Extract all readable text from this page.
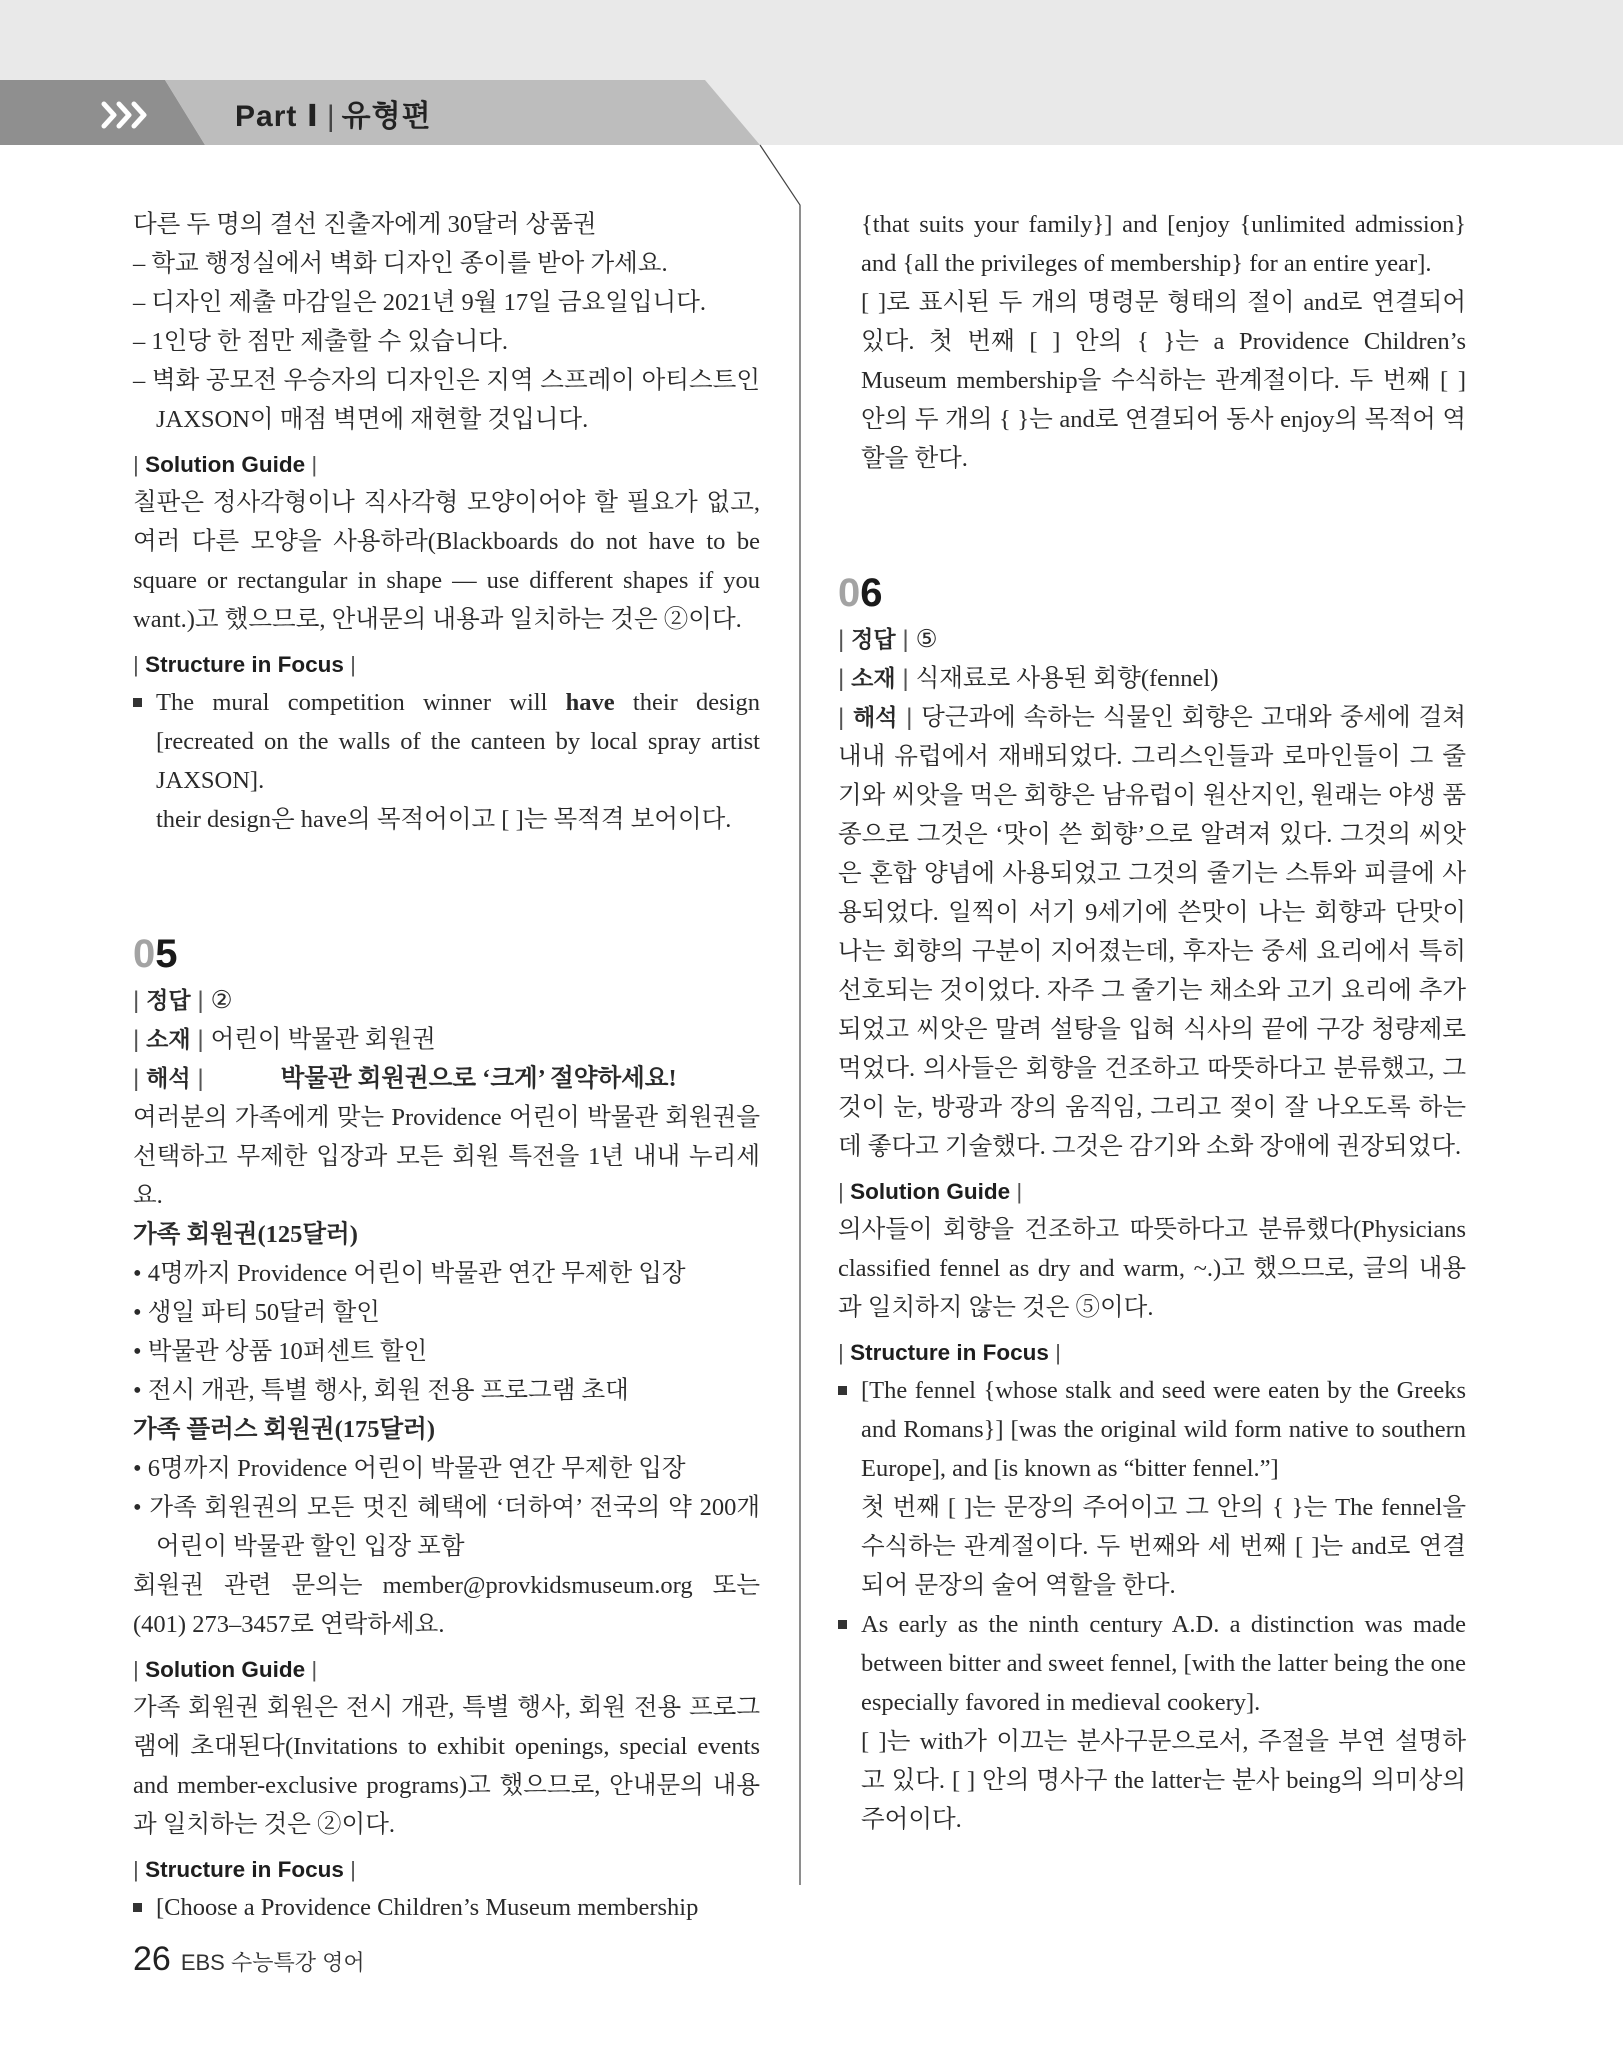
Part Ⅰ | 유형편

다른 두 명의 결선 진출자에게 30달러 상품권

– 학교 행정실에서 벽화 디자인 종이를 받아 가세요.

– 디자인 제출 마감일은 2021년 9월 17일 금요일입니다.

– 1인당 한 점만 제출할 수 있습니다.

– 벽화 공모전 우승자의 디자인은 지역 스프레이 아티스트인 JAXSON이 매점 벽면에 재현할 것입니다.

| Solution Guide |

칠판은 정사각형이나 직사각형 모양이어야 할 필요가 없고, 여러 다른 모양을 사용하라(Blackboards do not have to be square or rectangular in shape — use different shapes if you want.)고 했으므로, 안내문의 내용과 일치하는 것은 ②이다.

| Structure in Focus |

The mural competition winner will have their design [recreated on the walls of the canteen by local spray artist JAXSON].

their design은 have의 목적어이고 [ ]는 목적격 보어이다.

05

| 정답 | ②

| 소재 | 어린이 박물관 회원권

| 해석 |	박물관 회원권으로 ‘크게’ 절약하세요!

여러분의 가족에게 맞는 Providence 어린이 박물관 회원권을 선택하고 무제한 입장과 모든 회원 특전을 1년 내내 누리세요.

가족 회원권(125달러)

• 4명까지 Providence 어린이 박물관 연간 무제한 입장

• 생일 파티 50달러 할인

• 박물관 상품 10퍼센트 할인

• 전시 개관, 특별 행사, 회원 전용 프로그램 초대

가족 플러스 회원권(175달러)

• 6명까지 Providence 어린이 박물관 연간 무제한 입장

• 가족 회원권의 모든 멋진 혜택에 ‘더하여’ 전국의 약 200개 어린이 박물관 할인 입장 포함

회원권 관련 문의는 member@provkidsmuseum.org 또는 (401) 273–3457로 연락하세요.

| Solution Guide |

가족 회원권 회원은 전시 개관, 특별 행사, 회원 전용 프로그램에 초대된다(Invitations to exhibit openings, special events and member-exclusive programs)고 했으므로, 안내문의 내용과 일치하는 것은 ②이다.

| Structure in Focus |

[Choose a Providence Children’s Museum membership

{that suits your family}] and [enjoy {unlimited admission} and {all the privileges of membership} for an entire year].

[ ]로 표시된 두 개의 명령문 형태의 절이 and로 연결되어 있다. 첫 번째 [ ] 안의 { }는 a Providence Children’s Museum membership을 수식하는 관계절이다. 두 번째 [ ] 안의 두 개의 { }는 and로 연결되어 동사 enjoy의 목적어 역할을 한다.

06

| 정답 | ⑤

| 소재 | 식재료로 사용된 회향(fennel)

| 해석 | 당근과에 속하는 식물인 회향은 고대와 중세에 걸쳐 내내 유럽에서 재배되었다. 그리스인들과 로마인들이 그 줄기와 씨앗을 먹은 회향은 남유럽이 원산지인, 원래는 야생 품종으로 그것은 ‘맛이 쓴 회향’으로 알려져 있다. 그것의 씨앗은 혼합 양념에 사용되었고 그것의 줄기는 스튜와 피클에 사용되었다. 일찍이 서기 9세기에 쓴맛이 나는 회향과 단맛이 나는 회향의 구분이 지어졌는데, 후자는 중세 요리에서 특히 선호되는 것이었다. 자주 그 줄기는 채소와 고기 요리에 추가되었고 씨앗은 말려 설탕을 입혀 식사의 끝에 구강 청량제로 먹었다. 의사들은 회향을 건조하고 따뜻하다고 분류했고, 그것이 눈, 방광과 장의 움직임, 그리고 젖이 잘 나오도록 하는 데 좋다고 기술했다. 그것은 감기와 소화 장애에 권장되었다.

| Solution Guide |

의사들이 회향을 건조하고 따뜻하다고 분류했다(Physicians classified fennel as dry and warm, ~.)고 했으므로, 글의 내용과 일치하지 않는 것은 ⑤이다.

| Structure in Focus |

[The fennel {whose stalk and seed were eaten by the Greeks and Romans}] [was the original wild form native to southern Europe], and [is known as “bitter fennel.”]

첫 번째 [ ]는 문장의 주어이고 그 안의 { }는 The fennel을 수식하는 관계절이다. 두 번째와 세 번째 [ ]는 and로 연결되어 문장의 술어 역할을 한다.

As early as the ninth century A.D. a distinction was made between bitter and sweet fennel, [with the latter being the one especially favored in medieval cookery].

[ ]는 with가 이끄는 분사구문으로서, 주절을 부연 설명하고 있다. [ ] 안의 명사구 the latter는 분사 being의 의미상의 주어이다.

26 EBS 수능특강 영어
